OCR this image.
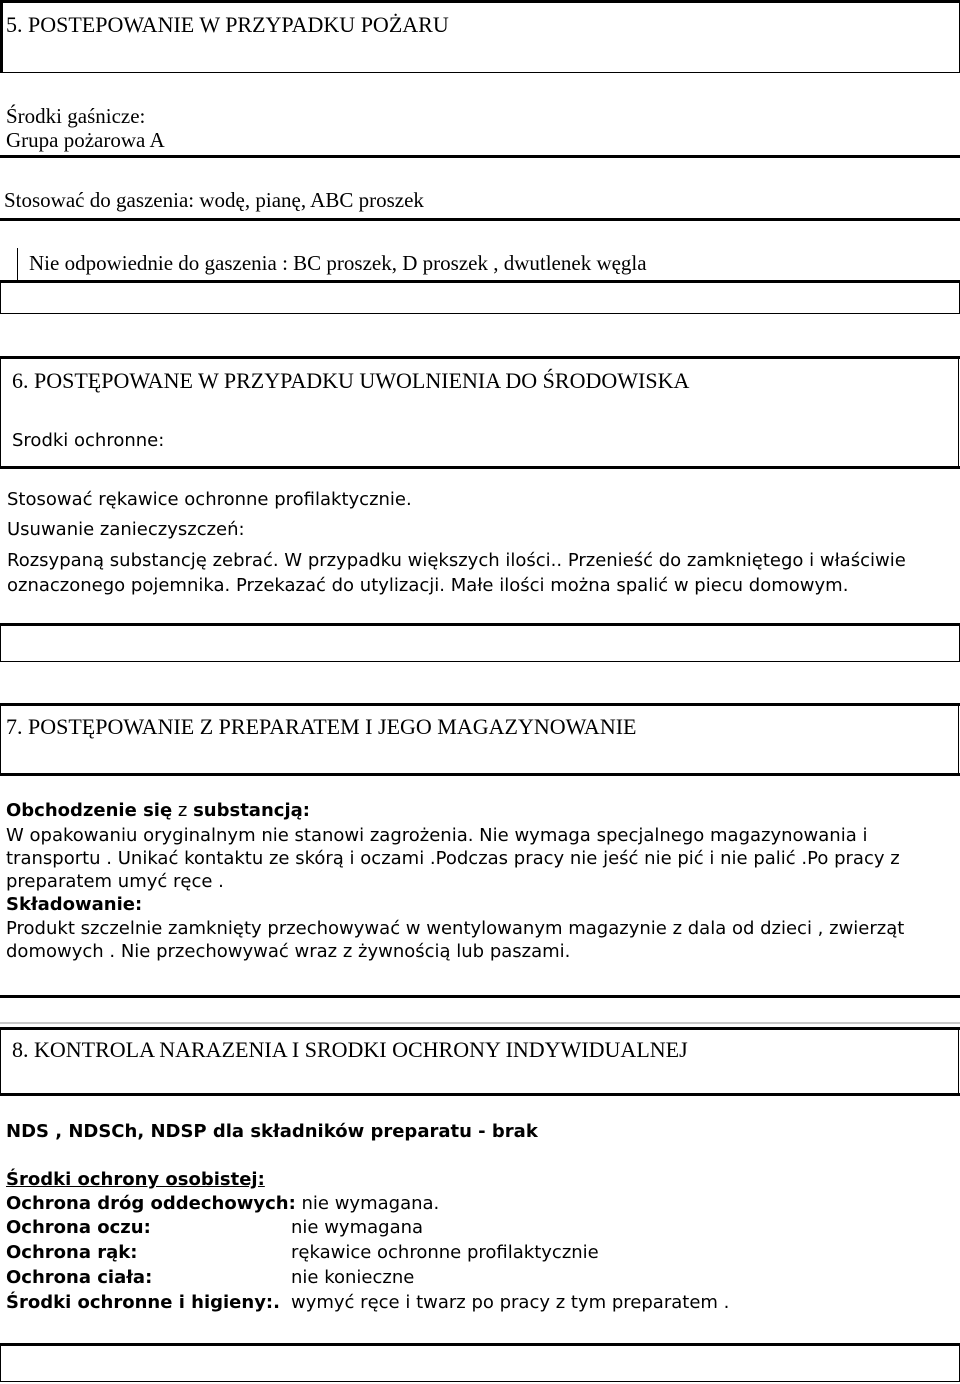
5. POSTEPOWANIE W PRZYPADKU POŻARU
Środki gaśnicze:
Grupa pożarowa A
Stosować do gaszenia: wodę, pianę, ABC proszek
Nie odpowiednie do gaszenia : BC proszek, D proszek , dwutlenek węgla
6. POSTĘPOWANE W PRZYPADKU UWOLNIENIA DO ŚRODOWISKA
Srodki ochronne:
Stosować rękawice ochronne profilaktycznie.
Usuwanie zanieczyszczeń:
Rozsypaną substancję zebrać. W przypadku większych ilości.. Przenieść do zamkniętego i właściwie
oznaczonego pojemnika. Przekazać do utylizacji. Małe ilości można spalić w piecu domowym.
7. POSTĘPOWANIE Z PREPARATEM I JEGO MAGAZYNOWANIE
Obchodzenie się z substancją:
W opakowaniu oryginalnym nie stanowi zagrożenia. Nie wymaga specjalnego magazynowania i
transportu . Unikać kontaktu ze skórą i oczami .Podczas pracy nie jeść nie pić i nie palić .Po pracy z
preparatem umyć ręce .
Składowanie:
Produkt szczelnie zamknięty przechowywać w wentylowanym magazynie z dala od dzieci , zwierząt
domowych . Nie przechowywać wraz z żywnością lub paszami.
8. KONTROLA NARAZENIA I SRODKI OCHRONY INDYWIDUALNEJ
NDS , NDSCh, NDSP dla składników preparatu - brak
Środki ochrony osobistej:
Ochrona dróg oddechowych: nie wymagana.
Ochrona oczu:	nie wymagana
Ochrona rąk:	rękawice ochronne profilaktycznie
Ochrona ciała:	nie konieczne
Środki ochronne i higieny:. wymyć ręce i twarz po pracy z tym preparatem .
